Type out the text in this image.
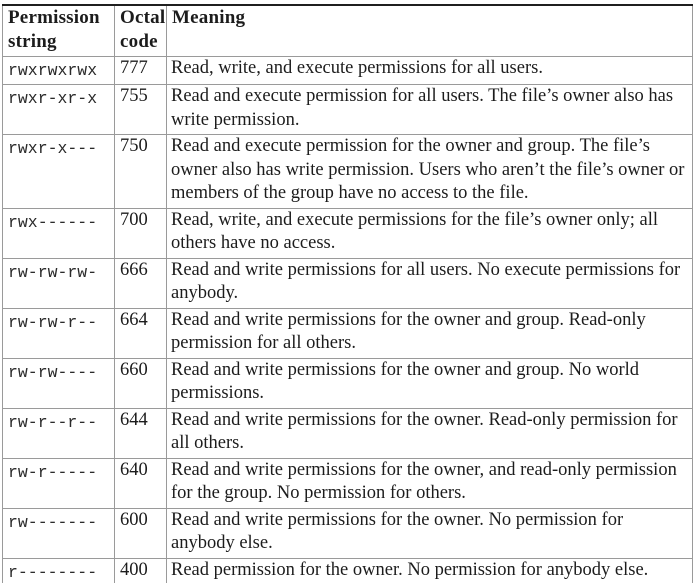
Permission string	Octal code	Meaning
rwxrwxrwx	777	Read, write, and execute permissions for all users.
rwxr-xr-x	755	Read and execute permission for all users. The file’s owner also has write permission.
rwxr-x---	750	Read and execute permission for the owner and group. The file’s owner also has write permission. Users who aren’t the file’s owner or members of the group have no access to the file.
rwx------	700	Read, write, and execute permissions for the file’s owner only; all others have no access.
rw-rw-rw-	666	Read and write permissions for all users. No execute permissions for anybody.
rw-rw-r--	664	Read and write permissions for the owner and group. Read-only permission for all others.
rw-rw----	660	Read and write permissions for the owner and group. No world permissions.
rw-r--r--	644	Read and write permissions for the owner. Read-only permission for all others.
rw-r-----	640	Read and write permissions for the owner, and read-only permission for the group. No permission for others.
rw-------	600	Read and write permissions for the owner. No permission for anybody else.
r--------	400	Read permission for the owner. No permission for anybody else.
